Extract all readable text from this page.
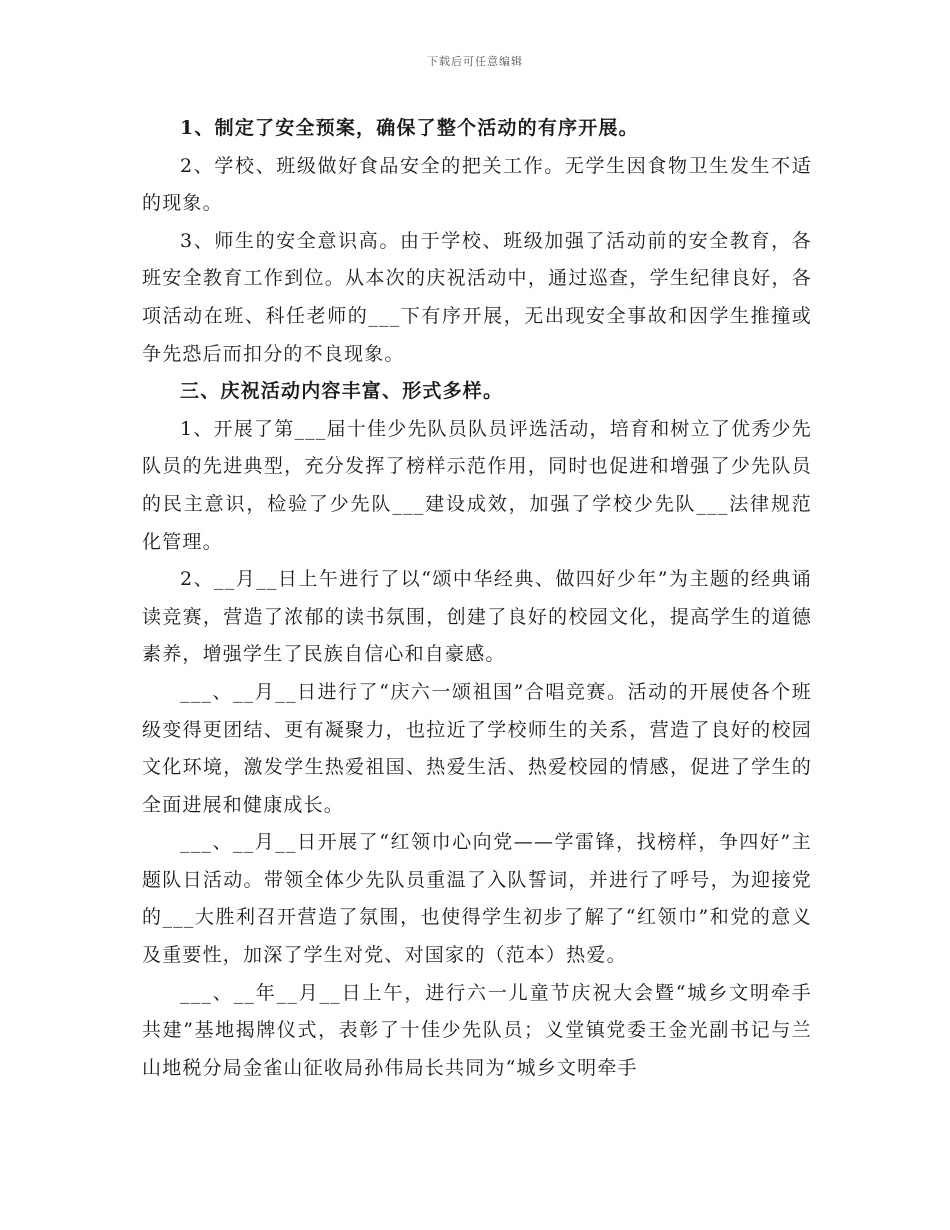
下载后可任意编辑

1、制定了安全预案，确保了整个活动的有序开展。

2、学校、班级做好食品安全的把关工作。无学生因食物卫生发生不适的现象。

3、师生的安全意识高。由于学校、班级加强了活动前的安全教育，各班安全教育工作到位。从本次的庆祝活动中，通过巡查，学生纪律良好，各项活动在班、科任老师的___下有序开展，无出现安全事故和因学生推撞或争先恐后而扣分的不良现象。

三、庆祝活动内容丰富、形式多样。

1、开展了第___届十佳少先队员队员评选活动，培育和树立了优秀少先队员的先进典型，充分发挥了榜样示范作用，同时也促进和增强了少先队员的民主意识，检验了少先队___建设成效，加强了学校少先队___法律规范化管理。

2、__月__日上午进行了以“颂中华经典、做四好少年”为主题的经典诵读竞赛，营造了浓郁的读书氛围，创建了良好的校园文化，提高学生的道德素养，增强学生了民族自信心和自豪感。

___、__月__日进行了“庆六一颂祖国”合唱竞赛。活动的开展使各个班级变得更团结、更有凝聚力，也拉近了学校师生的关系，营造了良好的校园文化环境，激发学生热爱祖国、热爱生活、热爱校园的情感，促进了学生的全面进展和健康成长。

___、__月__日开展了“红领巾心向党——学雷锋，找榜样，争四好”主题队日活动。带领全体少先队员重温了入队誓词，并进行了呼号，为迎接党的___大胜利召开营造了氛围，也使得学生初步了解了“红领巾”和党的意义及重要性，加深了学生对党、对国家的（范本）热爱。

___、__年__月__日上午，进行六一儿童节庆祝大会暨“城乡文明牵手共建”基地揭牌仪式，表彰了十佳少先队员；义堂镇党委王金光副书记与兰山地税分局金雀山征收局孙伟局长共同为“城乡文明牵手
